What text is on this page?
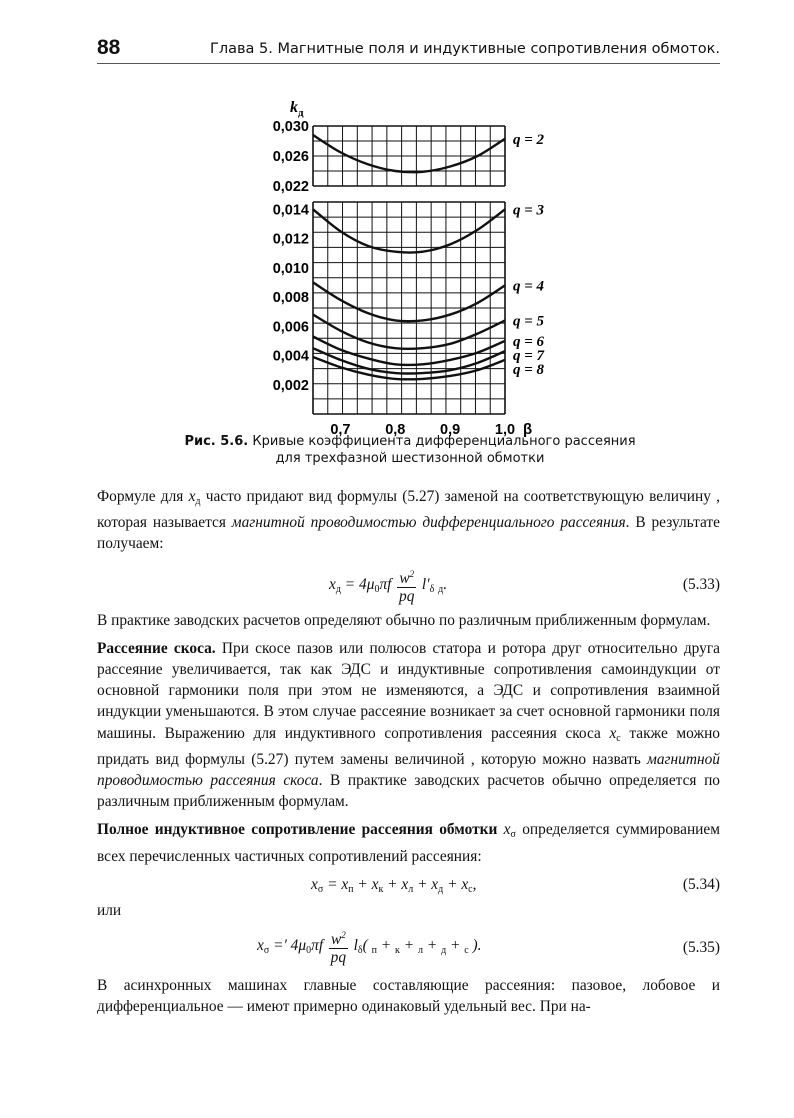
88	Глава 5. Магнитные поля и индуктивные сопротивления обмоток.
q = 2
q = 3
q = 4
q = 5
q = 6
q = 7
q = 8
0,030
0,026
0,022
0,014
0,012
0,010
0,008
0,006
0,004
0,002
0,7 0,8 0,9 1,0 β
$k_д$
Рис. 5.6. Кривые коэффициента дифференциального рассеяния
для трехфазной шестизонной обмотки

Формуле для $x_д$ часто придают вид формулы (5.27) заменой на соответствующую величину , которая называется магнитной проводимостью дифференциального рассеяния. В результате получаем:

$x_д = 4\mu_0\pi f \frac{w^2}{pq} l'_\delta$ $_д$.	(5.33)

В практике заводских расчетов определяют обычно по различным приближенным формулам.

Рассеяние скоса. При скосе пазов или полюсов статора и ротора друг относительно друга рассеяние увеличивается, так как ЭДС и индуктивные сопротивления самоиндукции от основной гармоники поля при этом не изменяются, а ЭДС и сопротивления взаимной индукции уменьшаются. В этом случае рассеяние возникает за счет основной гармоники поля машины. Выражению для индуктивного сопротивления рассеяния скоса $x_с$ также можно придать вид формулы (5.27) путем замены величиной , которую можно назвать магнитной проводимостью рассеяния скоса. В практике заводских расчетов обычно определяется по различным приближенным формулам.

Полное индуктивное сопротивление рассеяния обмотки $x_\sigma$ определяется суммированием всех перечисленных частичных сопротивлений рассеяния:

$x_\sigma = x_п + x_к + x_л + x_д + x_с$,	(5.34)

или

$x_\sigma$ =′ $4\mu_0\pi f \frac{w^2}{pq} l_\delta$( $_п$ + $_к$ + $_л$ + $_д$ + $_с$ ).	(5.35)

В асинхронных машинах главные составляющие рассеяния: пазовое, лобовое и дифференциальное — имеют примерно одинаковый удельный вес. При на-
